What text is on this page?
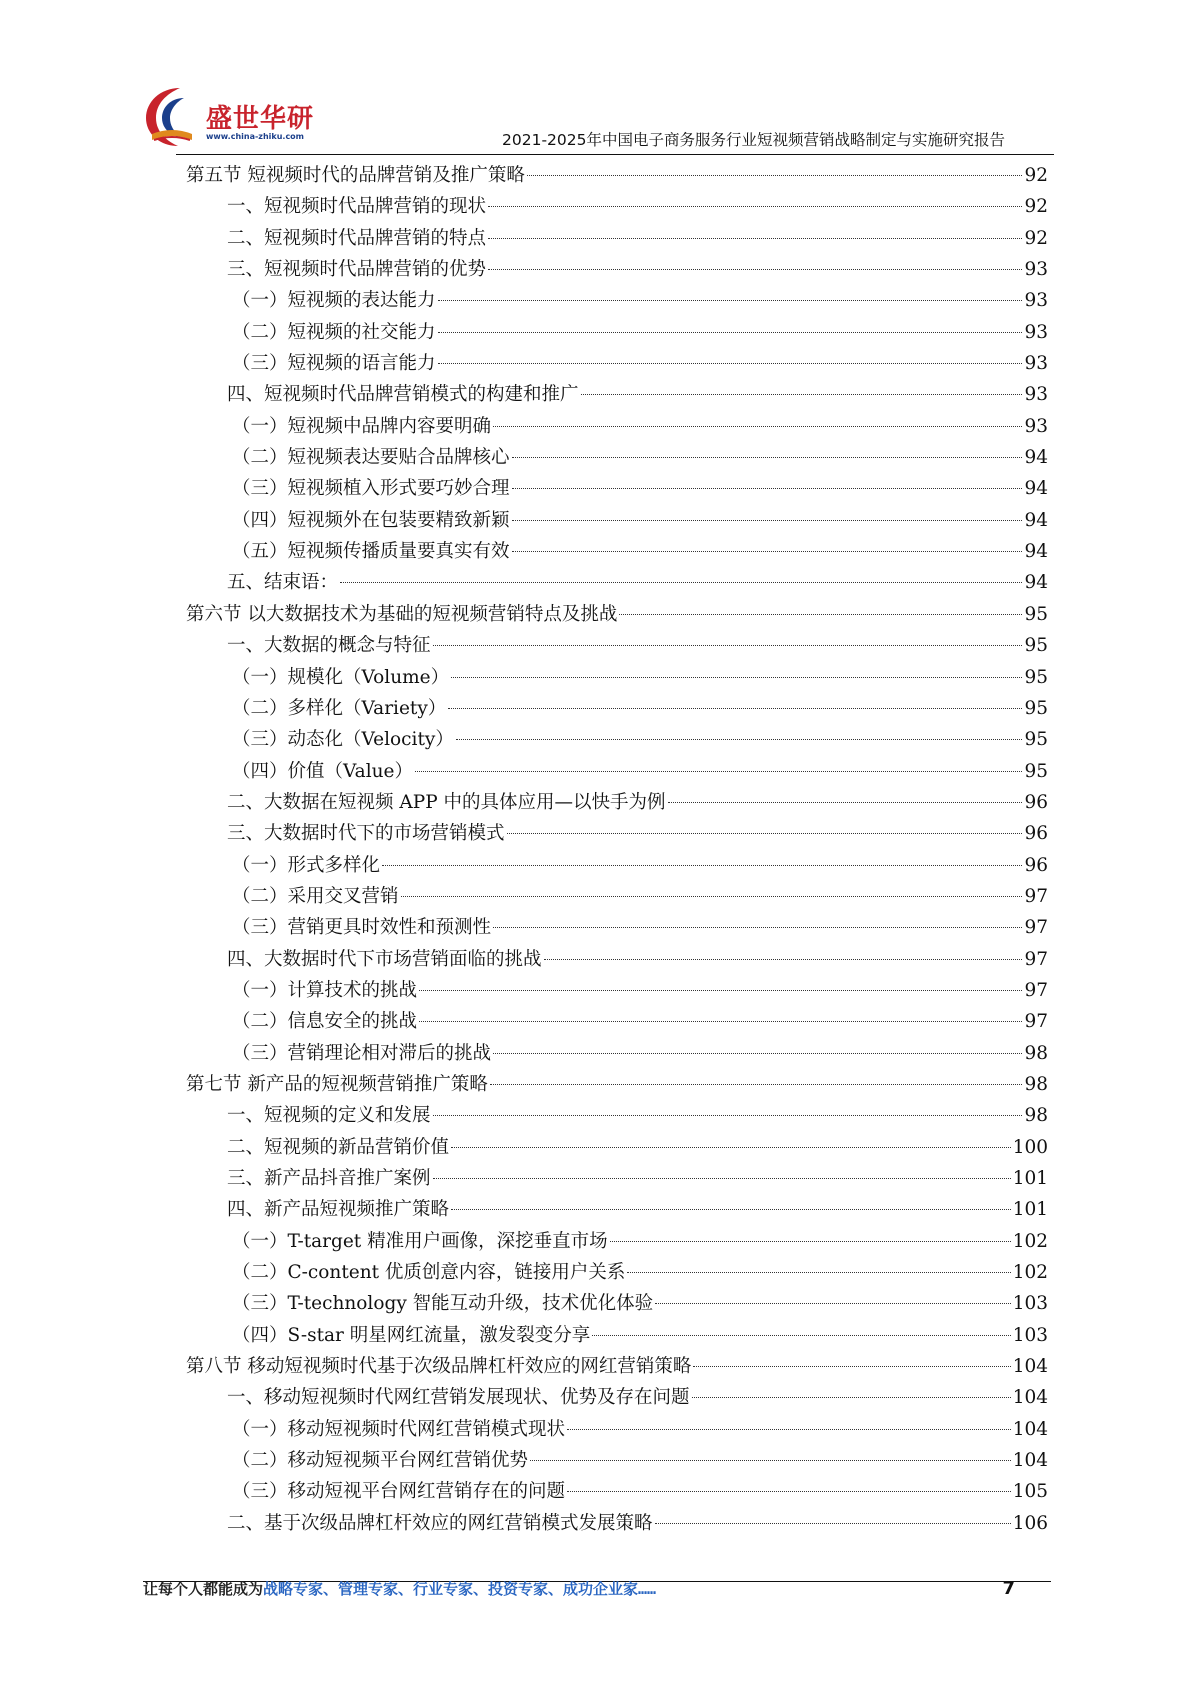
盛世华研
www.china-zhiku.com	2021-2025年中国电子商务服务行业短视频营销战略制定与实施研究报告
第五节 短视频时代的品牌营销及推广策略	92
一、短视频时代品牌营销的现状	92
二、短视频时代品牌营销的特点	92
三、短视频时代品牌营销的优势	93
（一）短视频的表达能力	93
（二）短视频的社交能力	93
（三）短视频的语言能力	93
四、短视频时代品牌营销模式的构建和推广	93
（一）短视频中品牌内容要明确	93
（二）短视频表达要贴合品牌核心	94
（三）短视频植入形式要巧妙合理	94
（四）短视频外在包装要精致新颖	94
（五）短视频传播质量要真实有效	94
五、结束语：	94
第六节 以大数据技术为基础的短视频营销特点及挑战	95
一、大数据的概念与特征	95
（一）规模化（Volume）	95
（二）多样化（Variety）	95
（三）动态化（Velocity）	95
（四）价值（Value）	95
二、大数据在短视频 APP 中的具体应用—以快手为例	96
三、大数据时代下的市场营销模式	96
（一）形式多样化	96
（二）采用交叉营销	97
（三）营销更具时效性和预测性	97
四、大数据时代下市场营销面临的挑战	97
（一）计算技术的挑战	97
（二）信息安全的挑战	97
（三）营销理论相对滞后的挑战	98
第七节 新产品的短视频营销推广策略	98
一、短视频的定义和发展	98
二、短视频的新品营销价值	100
三、新产品抖音推广案例	101
四、新产品短视频推广策略	101
（一）T-target 精准用户画像，深挖垂直市场	102
（二）C-content 优质创意内容，链接用户关系	102
（三）T-technology 智能互动升级，技术优化体验	103
（四）S-star 明星网红流量，激发裂变分享	103
第八节 移动短视频时代基于次级品牌杠杆效应的网红营销策略	104
一、移动短视频时代网红营销发展现状、优势及存在问题	104
（一）移动短视频时代网红营销模式现状	104
（二）移动短视频平台网红营销优势	104
（三）移动短视平台网红营销存在的问题	105
二、基于次级品牌杠杆效应的网红营销模式发展策略	106
让每个人都能成为战略专家、管理专家、行业专家、投资专家、成功企业家……	7
